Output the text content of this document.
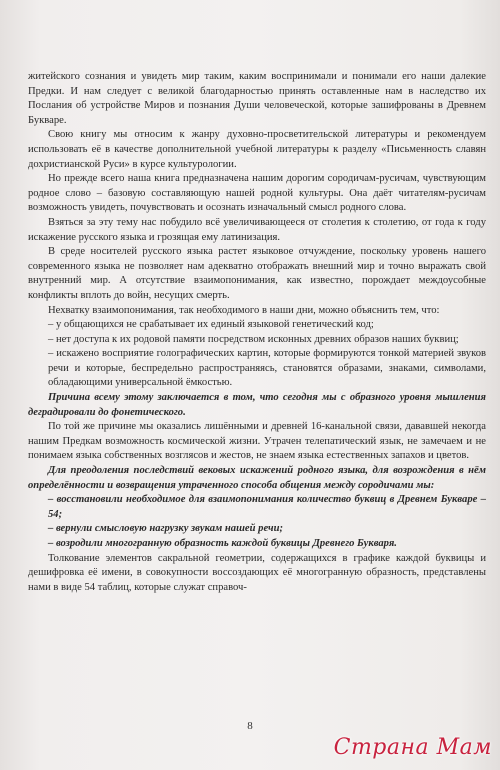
житейского сознания и увидеть мир таким, каким воспринимали и понимали его наши далекие Предки. И нам следует с великой благодарностью принять оставленные нам в наследство их Послания об устройстве Миров и познания Души человеческой, которые зашифрованы в Древнем Букваре.

Свою книгу мы относим к жанру духовно-просветительской литературы и рекомендуем использовать её в качестве дополнительной учебной литературы к разделу «Письменность славян дохристианской Руси» в курсе культурологии.

Но прежде всего наша книга предназначена нашим дорогим сородичам-русичам, чувствующим родное слово – базовую составляющую нашей родной культуры. Она даёт читателям-русичам возможность увидеть, почувствовать и осознать изначальный смысл родного слова.

Взяться за эту тему нас побудило всё увеличивающееся от столетия к столетию, от года к году искажение русского языка и грозящая ему латинизация.

В среде носителей русского языка растет языковое отчуждение, поскольку уровень нашего современного языка не позволяет нам адекватно отображать внешний мир и точно выражать свой внутренний мир. А отсутствие взаимопонимания, как известно, порождает междоусобные конфликты вплоть до войн, несущих смерть.

Нехватку взаимопонимания, так необходимого в наши дни, можно объяснить тем, что:

– у общающихся не срабатывает их единый языковой генетический код;

– нет доступа к их родовой памяти посредством исконных древних образов наших буквиц;

– искажено восприятие голографических картин, которые формируются тонкой материей звуков речи и которые, беспредельно распространяясь, становятся образами, знаками, символами, обладающими универсальной ёмкостью.

Причина всему этому заключается в том, что сегодня мы с образного уровня мышления деградировали до фонетического.

По той же причине мы оказались лишёнными и древней 16-канальной связи, дававшей некогда нашим Предкам возможность космической жизни. Утрачен телепатический язык, не замечаем и не понимаем языка собственных возглясов и жестов, не знаем языка естественных запахов и цветов.

Для преодоления последствий вековых искажений родного языка, для возрождения в нём определённости и возвращения утраченного способа общения между сородичами мы:

– восстановили необходимое для взаимопонимания количество буквиц в Древнем Букваре – 54;

– вернули смысловую нагрузку звукам нашей речи;

– возродили многогранную образность каждой буквицы Древнего Букваря.

Толкование элементов сакральной геометрии, содержащихся в графике каждой буквицы и дешифровка её имени, в совокупности воссоздающих её многогранную образность, представлены нами в виде 54 таблиц, которые служат справоч-

8
Страна Мам
